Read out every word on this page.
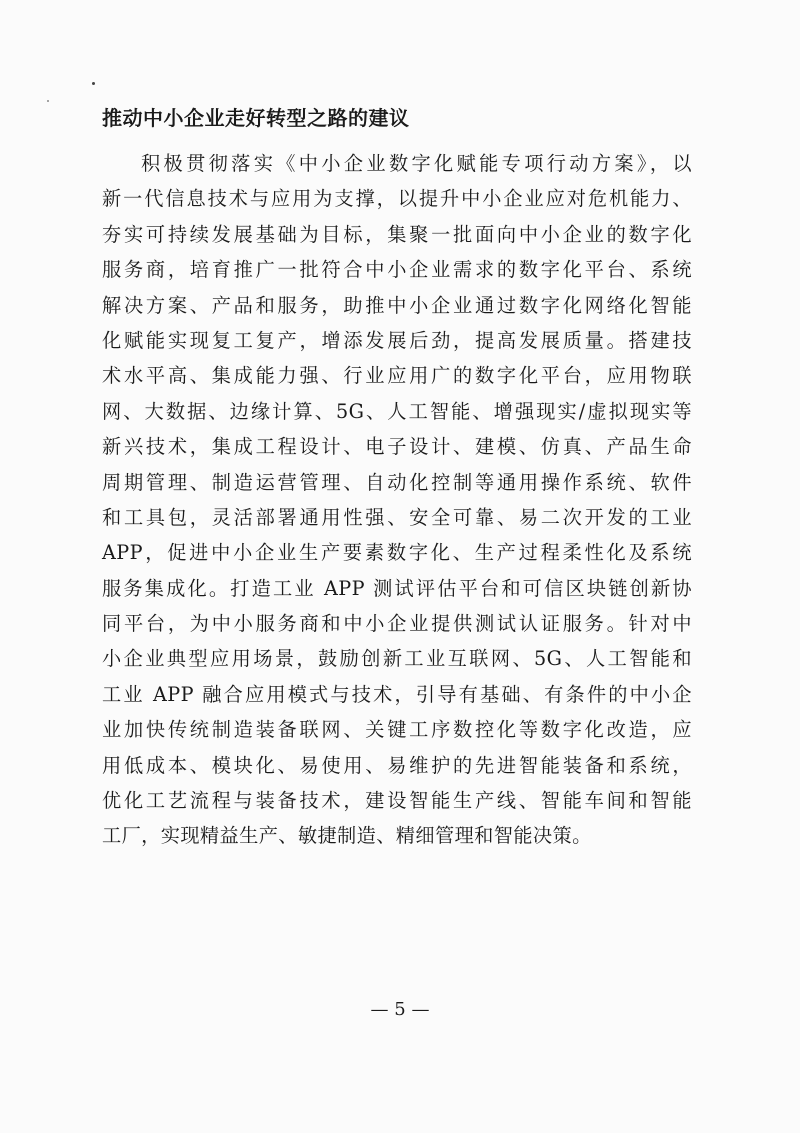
推动中小企业走好转型之路的建议
积极贯彻落实《中小企业数字化赋能专项行动方案》，以
新一代信息技术与应用为支撑，以提升中小企业应对危机能力、
夯实可持续发展基础为目标，集聚一批面向中小企业的数字化
服务商，培育推广一批符合中小企业需求的数字化平台、系统
解决方案、产品和服务，助推中小企业通过数字化网络化智能
化赋能实现复工复产，增添发展后劲，提高发展质量。搭建技
术水平高、集成能力强、行业应用广的数字化平台，应用物联
网、大数据、边缘计算、5G、人工智能、增强现实/虚拟现实等
新兴技术，集成工程设计、电子设计、建模、仿真、产品生命
周期管理、制造运营管理、自动化控制等通用操作系统、软件
和工具包，灵活部署通用性强、安全可靠、易二次开发的工业
APP，促进中小企业生产要素数字化、生产过程柔性化及系统
服务集成化。打造工业 APP 测试评估平台和可信区块链创新协
同平台，为中小服务商和中小企业提供测试认证服务。针对中
小企业典型应用场景，鼓励创新工业互联网、5G、人工智能和
工业 APP 融合应用模式与技术，引导有基础、有条件的中小企
业加快传统制造装备联网、关键工序数控化等数字化改造，应
用低成本、模块化、易使用、易维护的先进智能装备和系统，
优化工艺流程与装备技术，建设智能生产线、智能车间和智能
工厂，实现精益生产、敏捷制造、精细管理和智能决策。
— 5 —
